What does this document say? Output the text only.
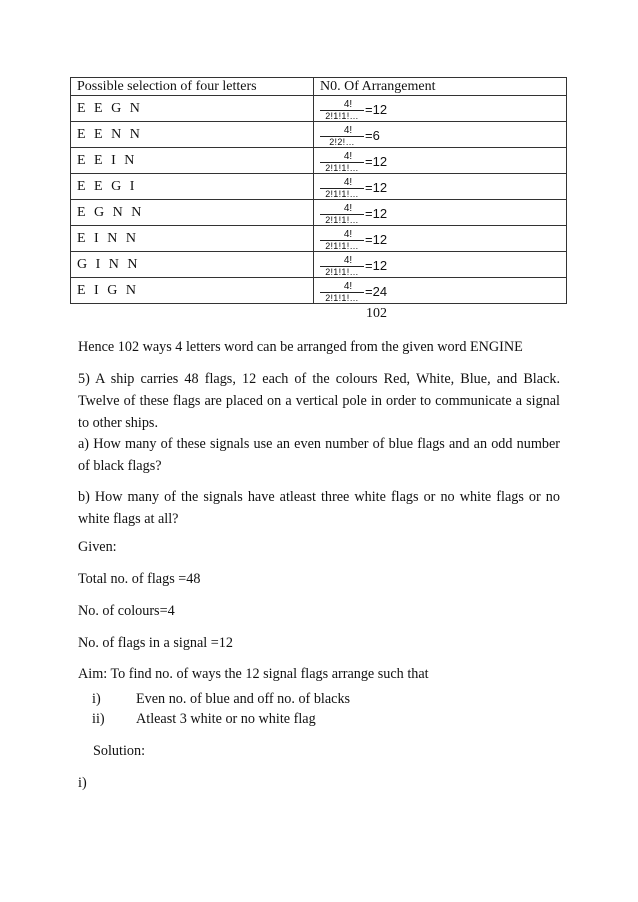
Possible selection of four letters	N0. Of Arrangement
E E G N	$\frac{4!}{2!1!1!\dots} =12$

E E N N	$\frac{4!}{2!2!\dots} =6$

E E I N	$\frac{4!}{2!1!1!\dots} =12$

E E G I	$\frac{4!}{2!1!1!\dots} =12$

E G N N	$\frac{4!}{2!1!1!\dots} =12$

E I N N	$\frac{4!}{2!1!1!\dots} =12$

G I N N	$\frac{4!}{2!1!1!\dots} =12$

E I G N	$\frac{4!}{2!1!1!\dots} =24$
102

Hence 102 ways 4 letters word can be arranged from the given word ENGINE

5) A ship carries 48 flags, 12 each of the colours Red, White, Blue, and Black. Twelve of these flags are placed on a vertical pole in order to communicate a signal to other ships.

a) How many of these signals use an even number of blue flags and an odd number of black flags?

b) How many of the signals have atleast three white flags or no white flags or no white flags at all?

Given:

Total no. of flags =48

No. of colours=4

No. of flags in a signal =12

Aim: To find no. of ways the 12 signal flags arrange such that

i) Even no. of blue and off no. of blacks
ii) Atleast 3 white or no white flag

Solution:

i)
